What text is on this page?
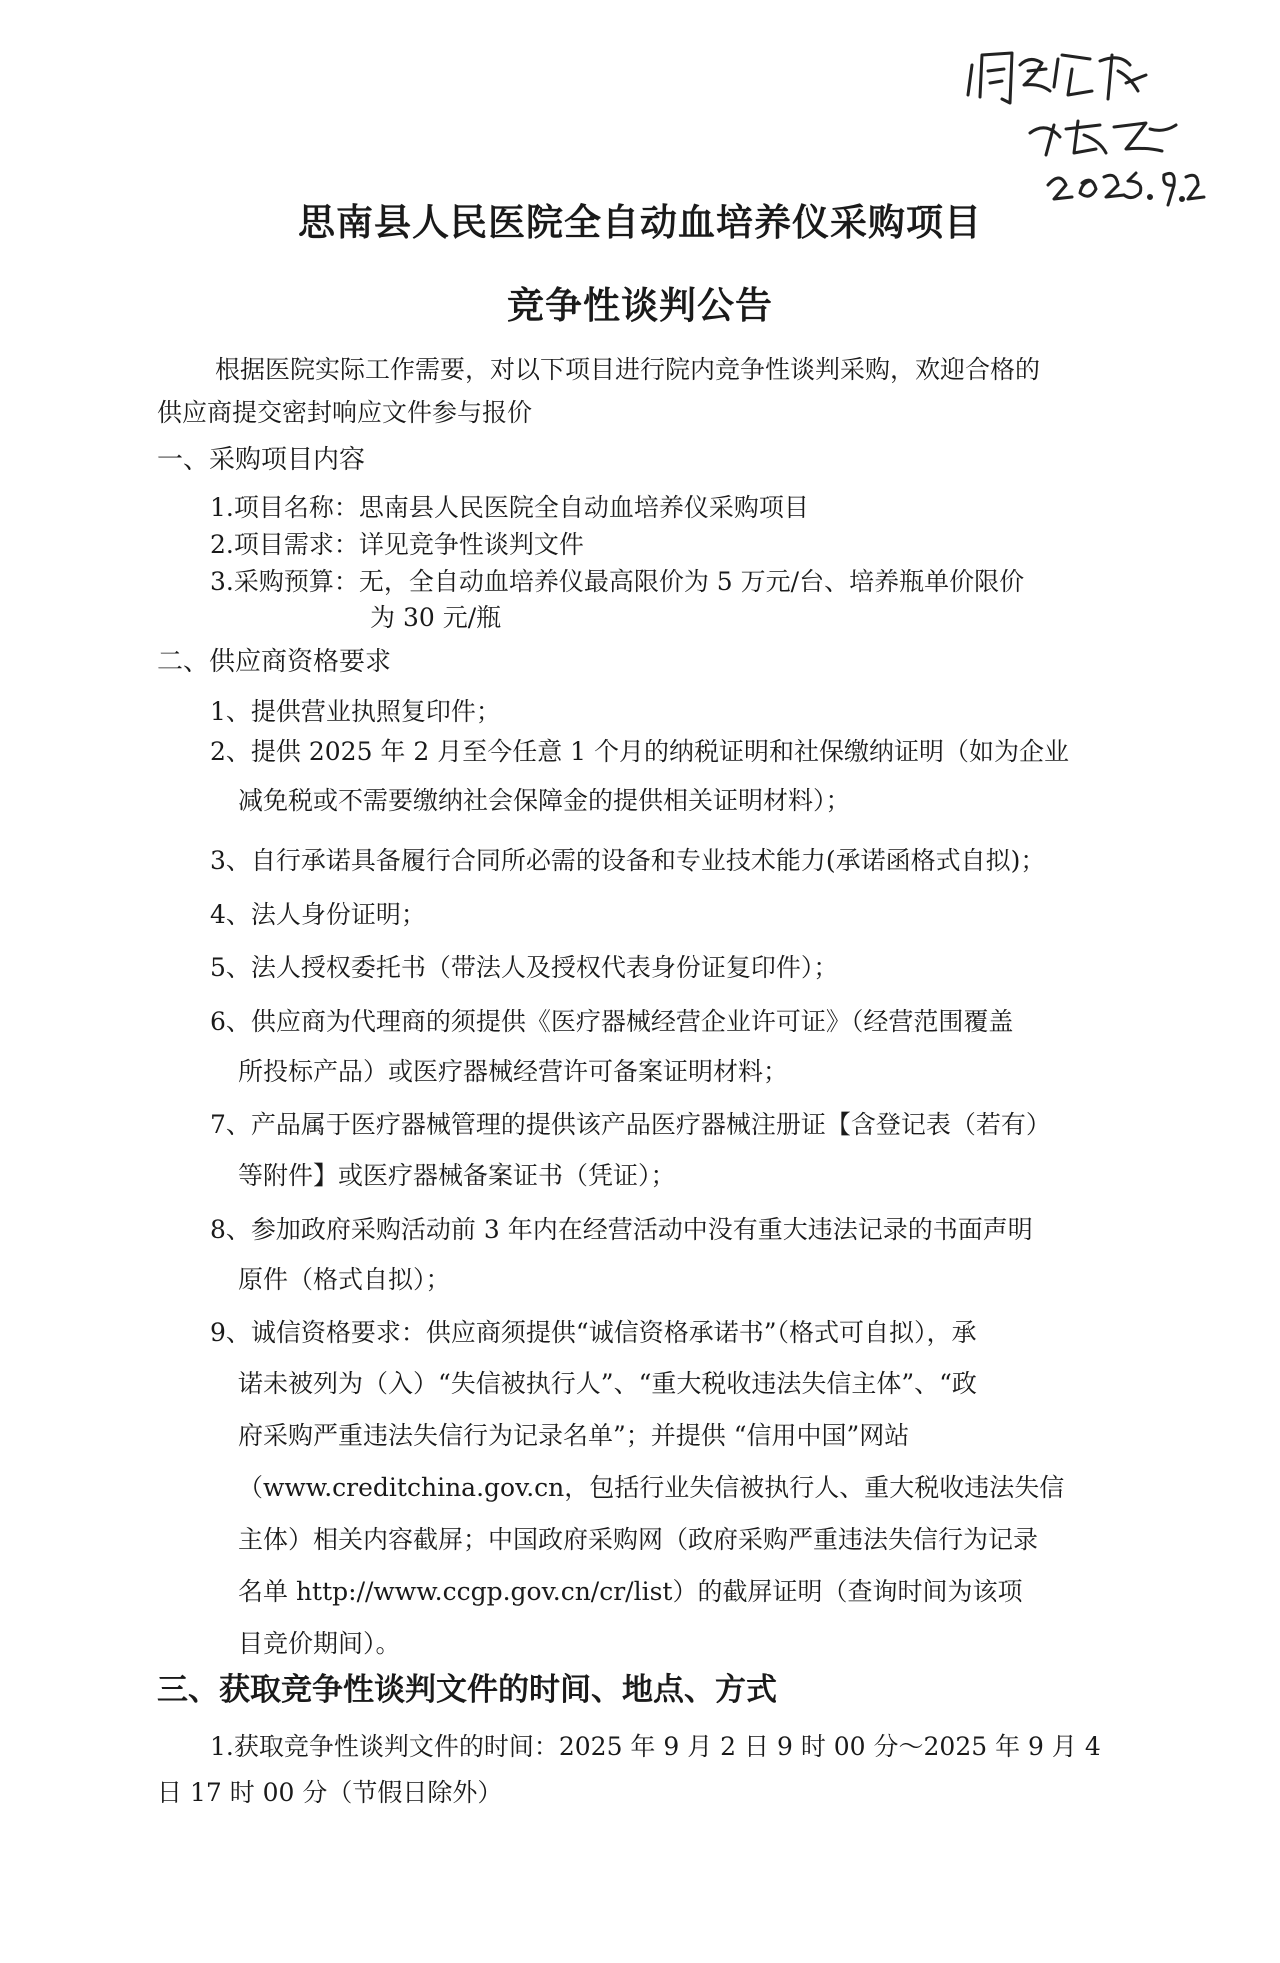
思南县人民医院全自动血培养仪采购项目
竞争性谈判公告
根据医院实际工作需要，对以下项目进行院内竞争性谈判采购，欢迎合格的
供应商提交密封响应文件参与报价
一、采购项目内容
1.项目名称：思南县人民医院全自动血培养仪采购项目
2.项目需求：详见竞争性谈判文件
3.采购预算：无，全自动血培养仪最高限价为 5 万元/台、培养瓶单价限价
为 30 元/瓶
二、供应商资格要求
1、提供营业执照复印件；
2、提供 2025 年 2 月至今任意 1 个月的纳税证明和社保缴纳证明（如为企业
减免税或不需要缴纳社会保障金的提供相关证明材料）；
3、自行承诺具备履行合同所必需的设备和专业技术能力(承诺函格式自拟)；
4、法人身份证明；
5、法人授权委托书（带法人及授权代表身份证复印件）；
6、供应商为代理商的须提供《医疗器械经营企业许可证》（经营范围覆盖
所投标产品）或医疗器械经营许可备案证明材料；
7、产品属于医疗器械管理的提供该产品医疗器械注册证【含登记表（若有）
等附件】或医疗器械备案证书（凭证）；
8、参加政府采购活动前 3 年内在经营活动中没有重大违法记录的书面声明
原件（格式自拟）；
9、诚信资格要求：供应商须提供“诚信资格承诺书”（格式可自拟），承
诺未被列为（入）“失信被执行人”、“重大税收违法失信主体”、“政
府采购严重违法失信行为记录名单”；并提供 “信用中国”网站
（www.creditchina.gov.cn，包括行业失信被执行人、重大税收违法失信
主体）相关内容截屏；中国政府采购网（政府采购严重违法失信行为记录
名单 http://www.ccgp.gov.cn/cr/list）的截屏证明（查询时间为该项
目竞价期间）。
三、获取竞争性谈判文件的时间、地点、方式
1.获取竞争性谈判文件的时间：2025 年 9 月 2 日 9 时 00 分～2025 年 9 月 4
日 17 时 00 分（节假日除外）
